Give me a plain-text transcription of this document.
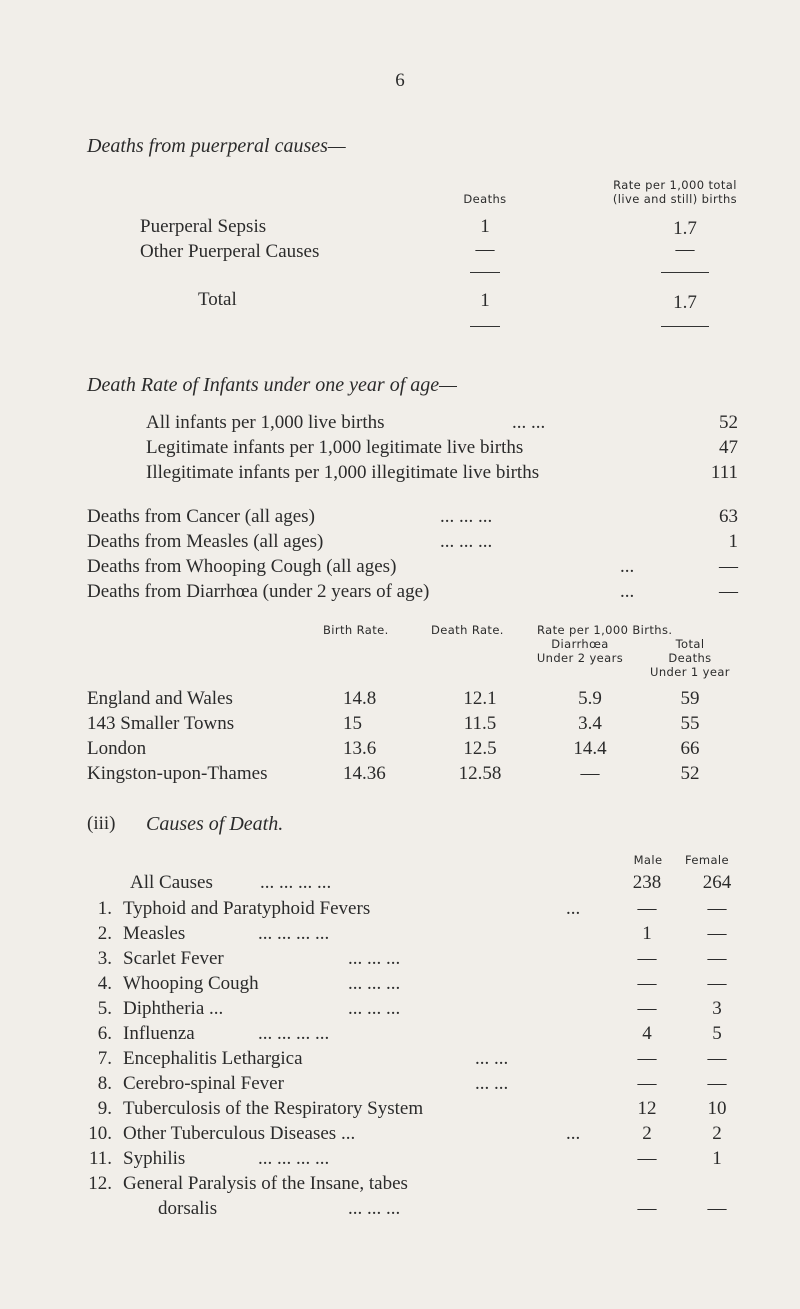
6
Deaths from puerperal causes—
Deaths
Rate per 1,000 total
(live and still) births
Puerperal Sepsis	1	1.7
Other Puerperal Causes	—	—
Total	1	1.7
Death Rate of Infants under one year of age—
All infants per 1,000 live births	... ...	52
Legitimate infants per 1,000 legitimate live births	47
Illegitimate infants per 1,000 illegitimate live births	111
Deaths from Cancer (all ages)	... ... ...	63
Deaths from Measles (all ages)	... ... ...	1
Deaths from Whooping Cough (all ages)	...	—
Deaths from Diarrhœa (under 2 years of age)	...	—
Birth Rate.	Death Rate.	Rate per 1,000 Births.
Diarrhœa
Under 2 years
Total
Deaths
Under 1 year
England and Wales	14.8	12.1	5.9	59
143 Smaller Towns	15	11.5	3.4	55
London	13.6	12.5	14.4	66
Kingston-upon-Thames	14.36	12.58	—	52
(iii) Causes of Death.
Male	Female
All Causes ... ... ... ...	238	264
1. Typhoid and Paratyphoid Fevers	...	—	—
2. Measles	... ... ... ...	1	—
3. Scarlet Fever	... ... ...	—	—
4. Whooping Cough	... ... ...	—	—
5. Diphtheria ...	... ... ...	—	3
6. Influenza	... ... ... ...	4	5
7. Encephalitis Lethargica	... ...	—	—
8. Cerebro-spinal Fever	... ...	—	—
9. Tuberculosis of the Respiratory System	12	10
10. Other Tuberculous Diseases ...	...	2	2
11. Syphilis	... ... ... ...	—	1
12. General Paralysis of the Insane, tabes
dorsalis	... ... ...	—	—
